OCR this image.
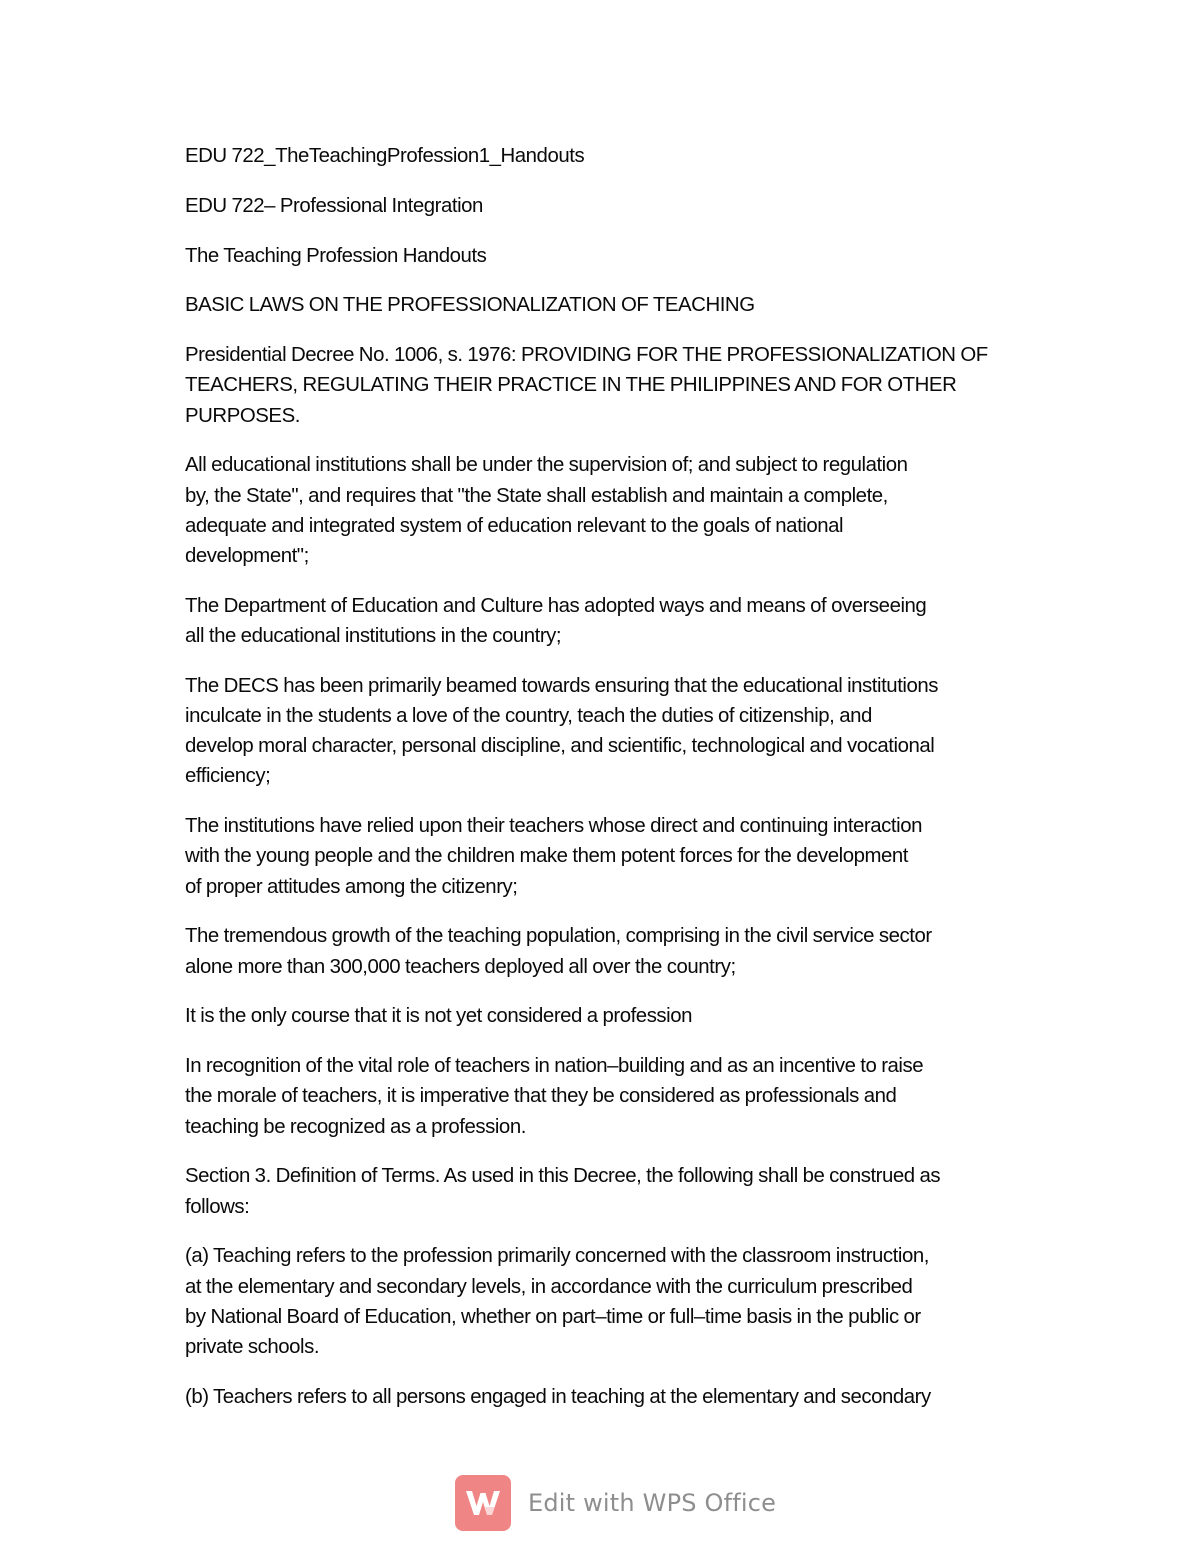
EDU 722_TheTeachingProfession1_Handouts

EDU 722– Professional Integration

The Teaching Profession Handouts

BASIC LAWS ON THE PROFESSIONALIZATION OF TEACHING

Presidential Decree No. 1006, s. 1976: PROVIDING FOR THE PROFESSIONALIZATION OF
TEACHERS, REGULATING THEIR PRACTICE IN THE PHILIPPINES AND FOR OTHER
PURPOSES.

All educational institutions shall be under the supervision of; and subject to regulation
by, the State", and requires that "the State shall establish and maintain a complete,
adequate and integrated system of education relevant to the goals of national
development";

The Department of Education and Culture has adopted ways and means of overseeing
all the educational institutions in the country;

The DECS has been primarily beamed towards ensuring that the educational institutions
inculcate in the students a love of the country, teach the duties of citizenship, and
develop moral character, personal discipline, and scientific, technological and vocational
efficiency;

The institutions have relied upon their teachers whose direct and continuing interaction
with the young people and the children make them potent forces for the development
of proper attitudes among the citizenry;

The tremendous growth of the teaching population, comprising in the civil service sector
alone more than 300,000 teachers deployed all over the country;

It is the only course that it is not yet considered a profession

In recognition of the vital role of teachers in nation–building and as an incentive to raise
the morale of teachers, it is imperative that they be considered as professionals and
teaching be recognized as a profession.

Section 3. Definition of Terms. As used in this Decree, the following shall be construed as
follows:

(a) Teaching refers to the profession primarily concerned with the classroom instruction,
at the elementary and secondary levels, in accordance with the curriculum prescribed
by National Board of Education, whether on part–time or full–time basis in the public or
private schools.

(b) Teachers refers to all persons engaged in teaching at the elementary and secondary

Edit with WPS Office
